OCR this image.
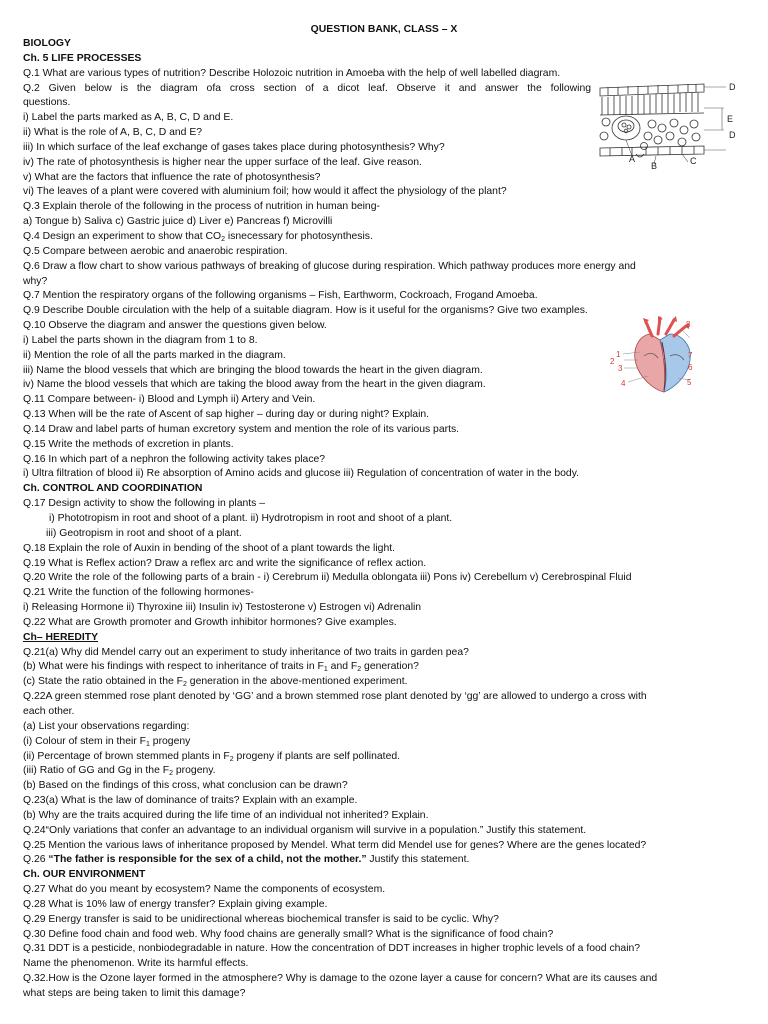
QUESTION BANK, CLASS – X
BIOLOGY
Ch. 5 LIFE PROCESSES
Q.1 What are various types of nutrition? Describe Holozoic nutrition in Amoeba with the help of well labelled diagram.
Q.2 Given below is the diagram ofa cross section of a dicot leaf. Observe it and answer the following
questions.
i) Label the parts marked as A, B, C, D and E.
ii) What is the role of A, B, C, D and E?
iii) In which surface of the leaf exchange of gases takes place during photosynthesis? Why?
iv) The rate of photosynthesis is higher near the upper surface of the leaf. Give reason.
v) What are the factors that influence the rate of photosynthesis?
vi) The leaves of a plant were covered with aluminium foil; how would it affect the physiology of the plant?
Q.3 Explain therole of the following in the process of nutrition in human being-
a) Tongue b) Saliva c) Gastric juice d) Liver e) Pancreas f) Microvilli
Q.4 Design an experiment to show that $CO_2$ isnecessary for photosynthesis.
Q.5 Compare between aerobic and anaerobic respiration.
Q.6 Draw a flow chart to show various pathways of breaking of glucose during respiration. Which pathway produces more energy and
why?
Q.7 Mention the respiratory organs of the following organisms – Fish, Earthworm, Cockroach, Frogand Amoeba.
Q.9 Describe Double circulation with the help of a suitable diagram. How is it useful for the organisms? Give two examples.
Q.10 Observe the diagram and answer the questions given below.
i) Label the parts shown in the diagram from 1 to 8.
ii) Mention the role of all the parts marked in the diagram.
iii) Name the blood vessels that which are bringing the blood towards the heart in the given diagram.
iv) Name the blood vessels that which are taking the blood away from the heart in the given diagram.
Q.11 Compare between- i) Blood and Lymph ii) Artery and Vein.
Q.13 When will be the rate of Ascent of sap higher – during day or during night? Explain.
Q.14 Draw and label parts of human excretory system and mention the role of its various parts.
Q.15 Write the methods of excretion in plants.
Q.16 In which part of a nephron the following activity takes place?
i) Ultra filtration of blood ii) Re absorption of Amino acids and glucose iii) Regulation of concentration of water in the body.
Ch. CONTROL AND COORDINATION
Q.17 Design activity to show the following in plants –
i) Phototropism in root and shoot of a plant. ii) Hydrotropism in root and shoot of a plant.
iii) Geotropism in root and shoot of a plant.
Q.18 Explain the role of Auxin in bending of the shoot of a plant towards the light.
Q.19 What is Reflex action? Draw a reflex arc and write the significance of reflex action.
Q.20 Write the role of the following parts of a brain - i) Cerebrum ii) Medulla oblongata iii) Pons iv) Cerebellum v) Cerebrospinal Fluid
Q.21 Write the function of the following hormones-
i) Releasing Hormone ii) Thyroxine iii) Insulin iv) Testosterone v) Estrogen vi) Adrenalin
Q.22 What are Growth promoter and Growth inhibitor hormones? Give examples.
Ch– HEREDITY
Q.21(a) Why did Mendel carry out an experiment to study inheritance of two traits in garden pea?
(b) What were his findings with respect to inheritance of traits in $F_1$ and $F_2$ generation?
(c) State the ratio obtained in the $F_2$ generation in the above-mentioned experiment.
Q.22A green stemmed rose plant denoted by ‘GG’ and a brown stemmed rose plant denoted by ‘gg’ are allowed to undergo a cross with
each other.
(a) List your observations regarding:
(i) Colour of stem in their $F_1$ progeny
(ii) Percentage of brown stemmed plants in $F_2$ progeny if plants are self pollinated.
(iii) Ratio of GG and Gg in the $F_2$ progeny.
(b) Based on the findings of this cross, what conclusion can be drawn?
Q.23(a) What is the law of dominance of traits? Explain with an example.
(b) Why are the traits acquired during the life time of an individual not inherited? Explain.
Q.24“Only variations that confer an advantage to an individual organism will survive in a population.” Justify this statement.
Q.25 Mention the various laws of inheritance proposed by Mendel. What term did Mendel use for genes? Where are the genes located?
Q.26 “The father is responsible for the sex of a child, not the mother.” Justify this statement.
Ch. OUR ENVIRONMENT
Q.27 What do you meant by ecosystem? Name the components of ecosystem.
Q.28 What is 10% law of energy transfer? Explain giving example.
Q.29 Energy transfer is said to be unidirectional whereas biochemical transfer is said to be cyclic. Why?
Q.30 Define food chain and food web. Why food chains are generally small? What is the significance of food chain?
Q.31 DDT is a pesticide, nonbiodegradable in nature. How the concentration of DDT increases in higher trophic levels of a food chain?
Name the phenomenon. Write its harmful effects.
Q.32.How is the Ozone layer formed in the atmosphere? Why is damage to the ozone layer a cause for concern? What are its causes and
what steps are being taken to limit this damage?
D
E
D
A
B	C
8
1
2
3
7
6
4	5
